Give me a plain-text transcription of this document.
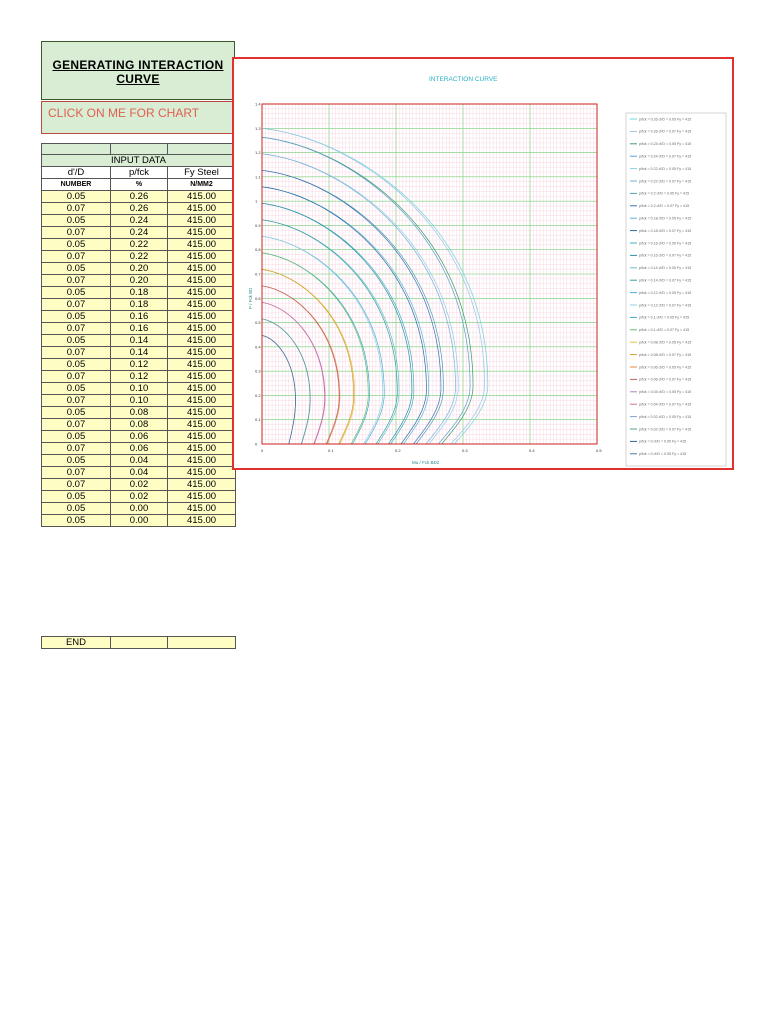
GENERATING INTERACTION
CURVE
CLICK ON ME FOR CHART

INPUT DATA		
d'/D	p/fck	Fy Steel
NUMBER	%	N/MM2
0.05	0.26	415.00
0.07	0.26	415.00
0.05	0.24	415.00
0.07	0.24	415.00
0.05	0.22	415.00
0.07	0.22	415.00
0.05	0.20	415.00
0.07	0.20	415.00
0.05	0.18	415.00
0.07	0.18	415.00
0.05	0.16	415.00
0.07	0.16	415.00
0.05	0.14	415.00
0.07	0.14	415.00
0.05	0.12	415.00
0.07	0.12	415.00
0.05	0.10	415.00
0.07	0.10	415.00
0.05	0.08	415.00
0.07	0.08	415.00
0.05	0.06	415.00
0.07	0.06	415.00
0.05	0.04	415.00
0.07	0.04	415.00
0.07	0.02	415.00
0.05	0.02	415.00
0.05	0.00	415.00
0.05	0.00	415.00
END		
INTERACTION CURVE
Mu / Fck BD2
P / Fck BD
0	0.1	0.2	0.3	0.4	0.5
0
0.1
0.2
0.3
0.4
0.5
0.6
0.7
0.8
0.9
1
1.1
1.2
1.3
1.4
p/fck = 0.26 d'/D = 0.05 Fy = 415
p/fck = 0.26 d'/D = 0.07 Fy = 415
p/fck = 0.24 d'/D = 0.05 Fy = 415
p/fck = 0.24 d'/D = 0.07 Fy = 415
p/fck = 0.22 d'/D = 0.05 Fy = 415
p/fck = 0.22 d'/D = 0.07 Fy = 415
p/fck = 0.2 d'/D = 0.05 Fy = 415
p/fck = 0.2 d'/D = 0.07 Fy = 415
p/fck = 0.18 d'/D = 0.05 Fy = 415
p/fck = 0.18 d'/D = 0.07 Fy = 415
p/fck = 0.16 d'/D = 0.05 Fy = 415
p/fck = 0.16 d'/D = 0.07 Fy = 415
p/fck = 0.14 d'/D = 0.05 Fy = 415
p/fck = 0.14 d'/D = 0.07 Fy = 415
p/fck = 0.12 d'/D = 0.05 Fy = 415
p/fck = 0.12 d'/D = 0.07 Fy = 415
p/fck = 0.1 d'/D = 0.05 Fy = 415
p/fck = 0.1 d'/D = 0.07 Fy = 415
p/fck = 0.08 d'/D = 0.05 Fy = 415
p/fck = 0.08 d'/D = 0.07 Fy = 415
p/fck = 0.06 d'/D = 0.05 Fy = 415
p/fck = 0.06 d'/D = 0.07 Fy = 415
p/fck = 0.04 d'/D = 0.05 Fy = 415
p/fck = 0.04 d'/D = 0.07 Fy = 415
p/fck = 0.02 d'/D = 0.05 Fy = 415
p/fck = 0.02 d'/D = 0.07 Fy = 415
p/fck = 0 d'/D = 0.05 Fy = 415
p/fck = 0 d'/D = 0.05 Fy = 415
